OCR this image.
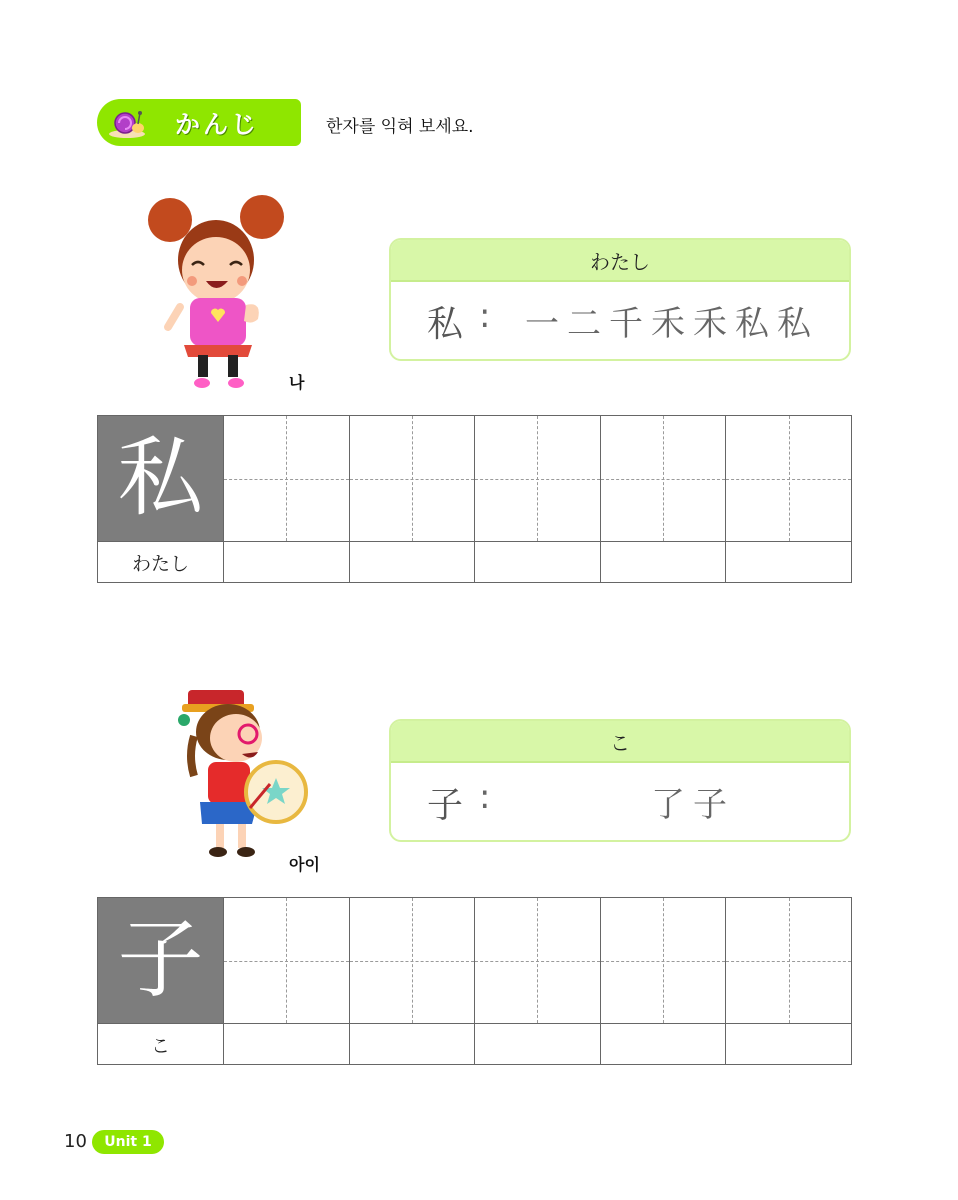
かんじ	한자를 익혀 보세요.
나
わたし
私 : 一 二 千 禾 禾 私 私
私	

わたし					
아이
こ
子 :	了 子
子	

こ					
10	Unit 1
